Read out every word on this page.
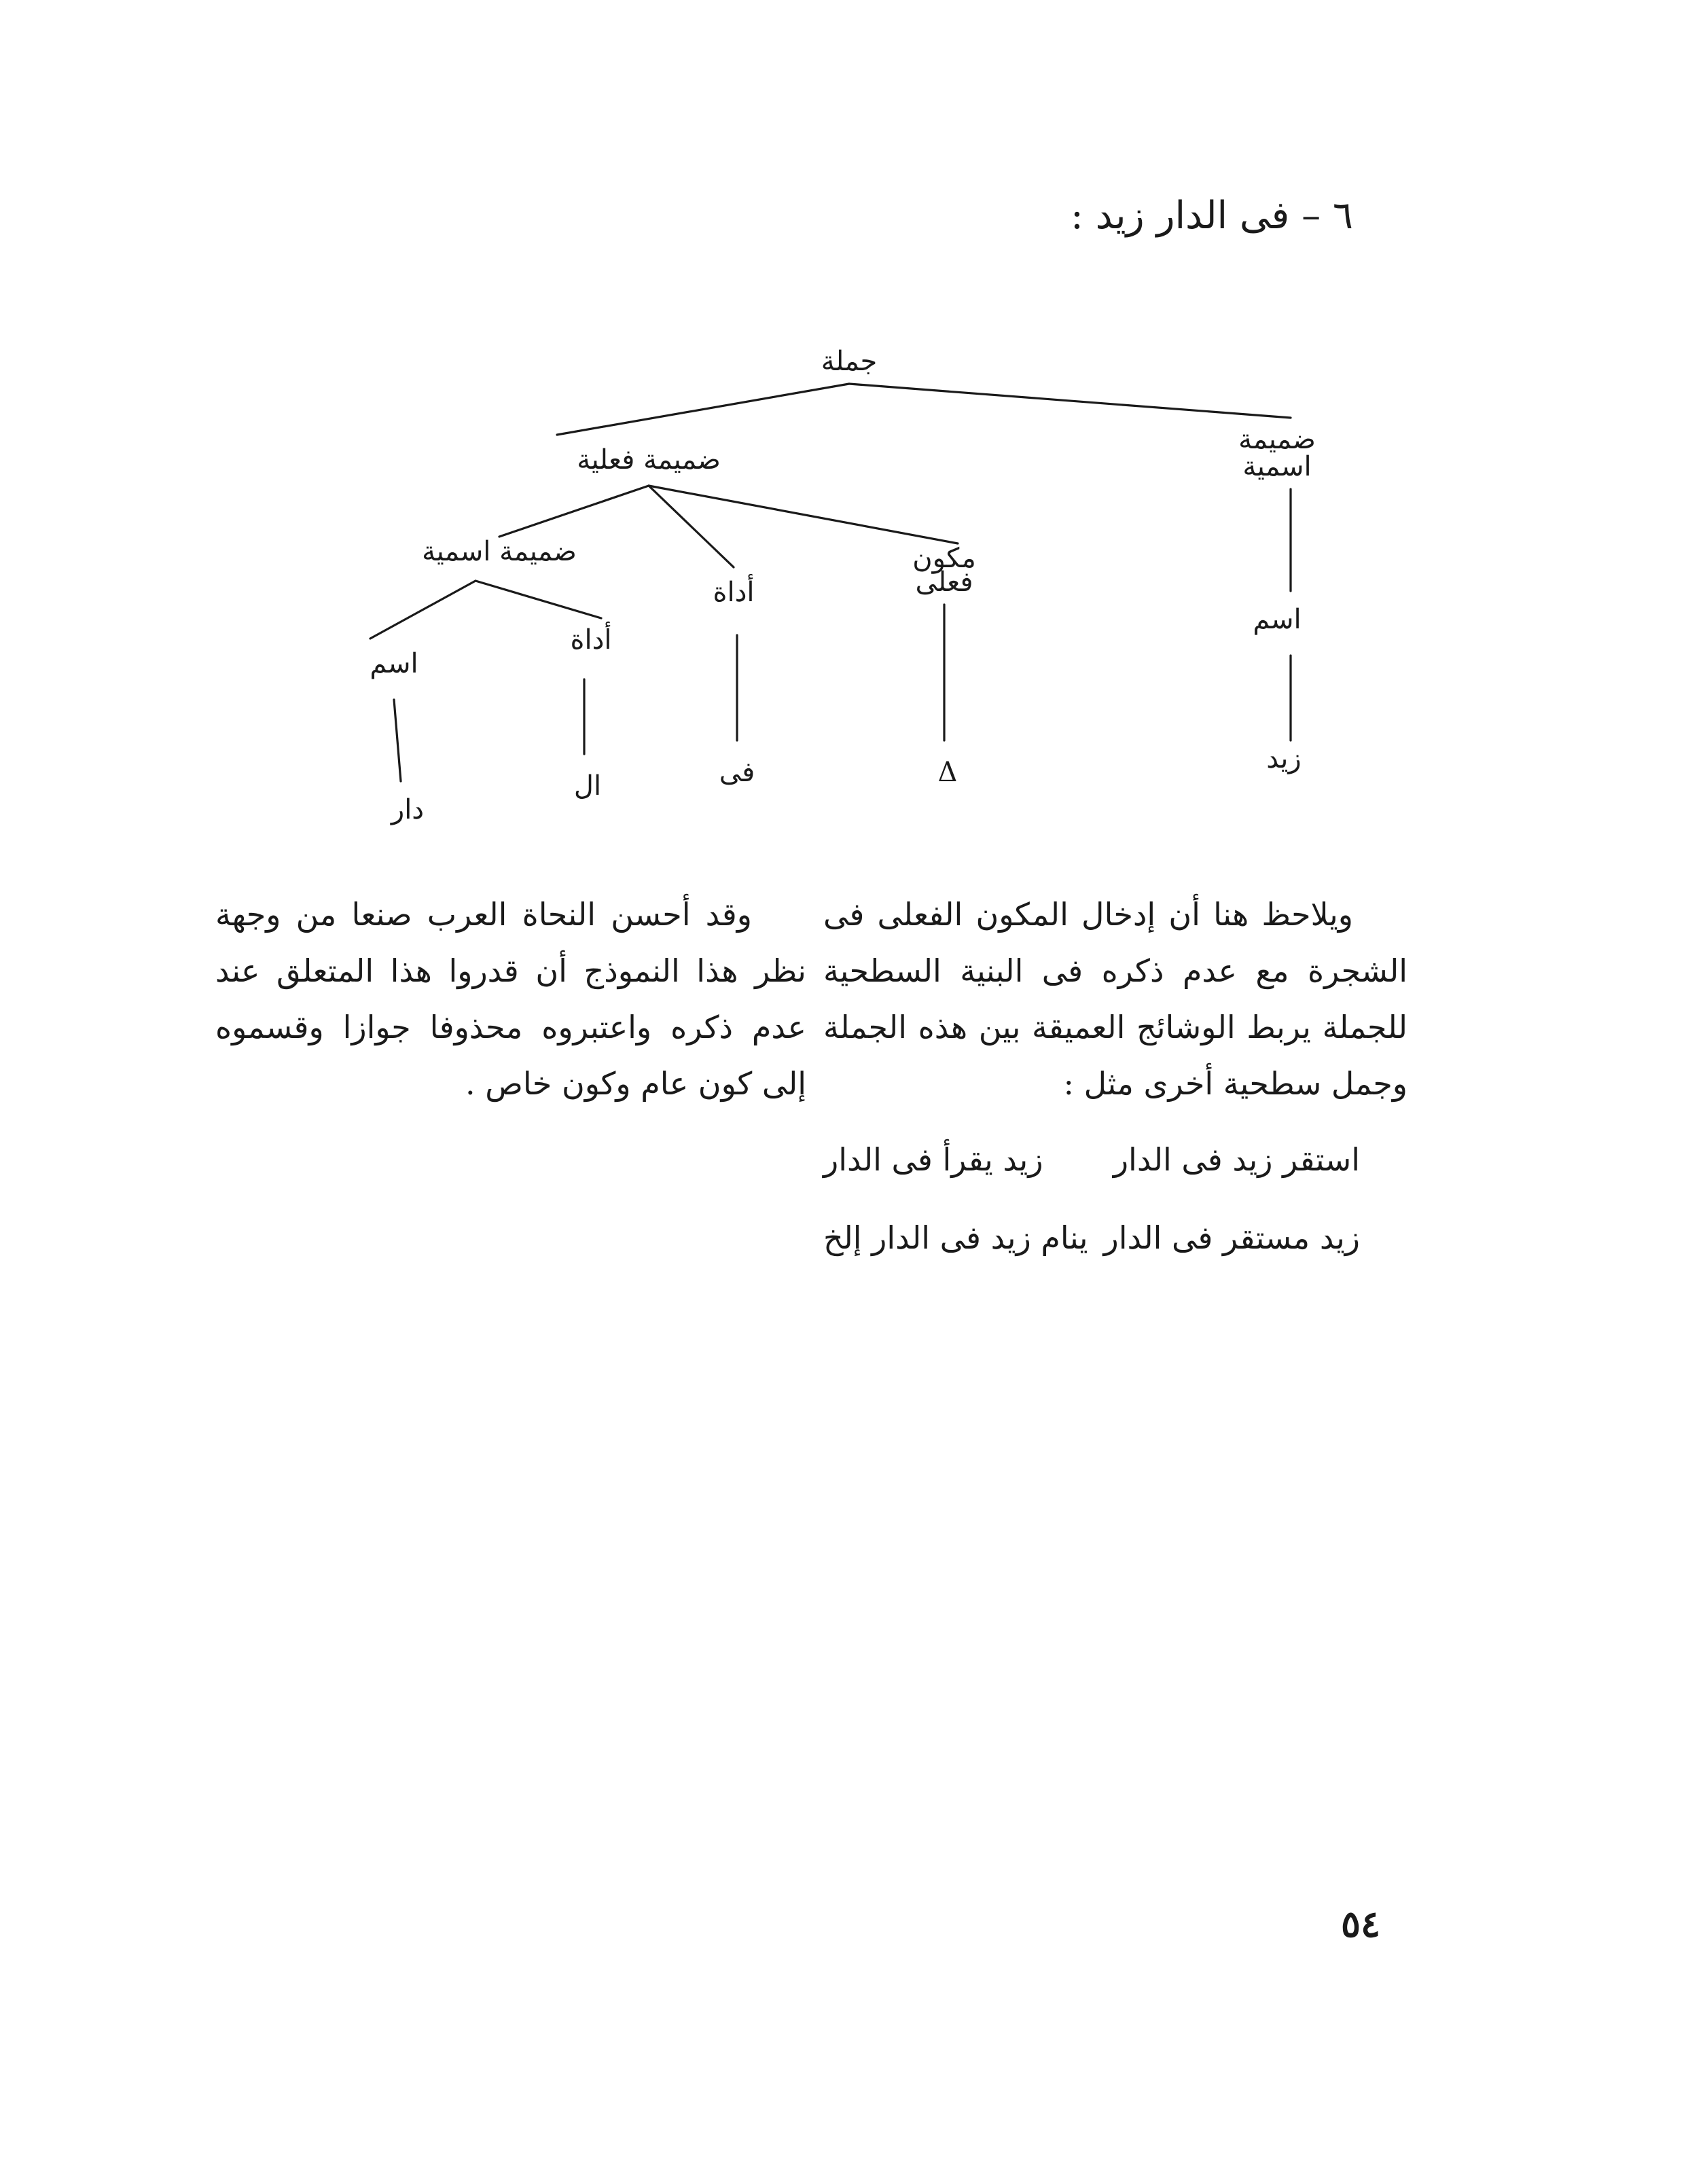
٦ – فى الدار زيد :
جملة
ضميمة
اسمية
ضميمة فعلية
ضميمة اسمية
أداة
مكون
فعلى
اسم
أداة
اسم
دار
ال	فى	Δ	زيد

ويلاحظ هنا أن إدخال المكون الفعلى فى الشجرة مع عدم ذكره فى البنية السطحية للجملة يربط الوشائج العميقة بين هذه الجملة وجمل سطحية أخرى مثل :

استقر زيد فى الدار
زيد يقرأ فى الدار
زيد مستقر فى الدار
ينام زيد فى الدار إلخ

وقد أحسن النحاة العرب صنعا من وجهة نظر هذا النموذج أن قدروا هذا المتعلق عند عدم ذكره واعتبروه محذوفا جوازا وقسموه إلى كون عام وكون خاص .

٥٤
